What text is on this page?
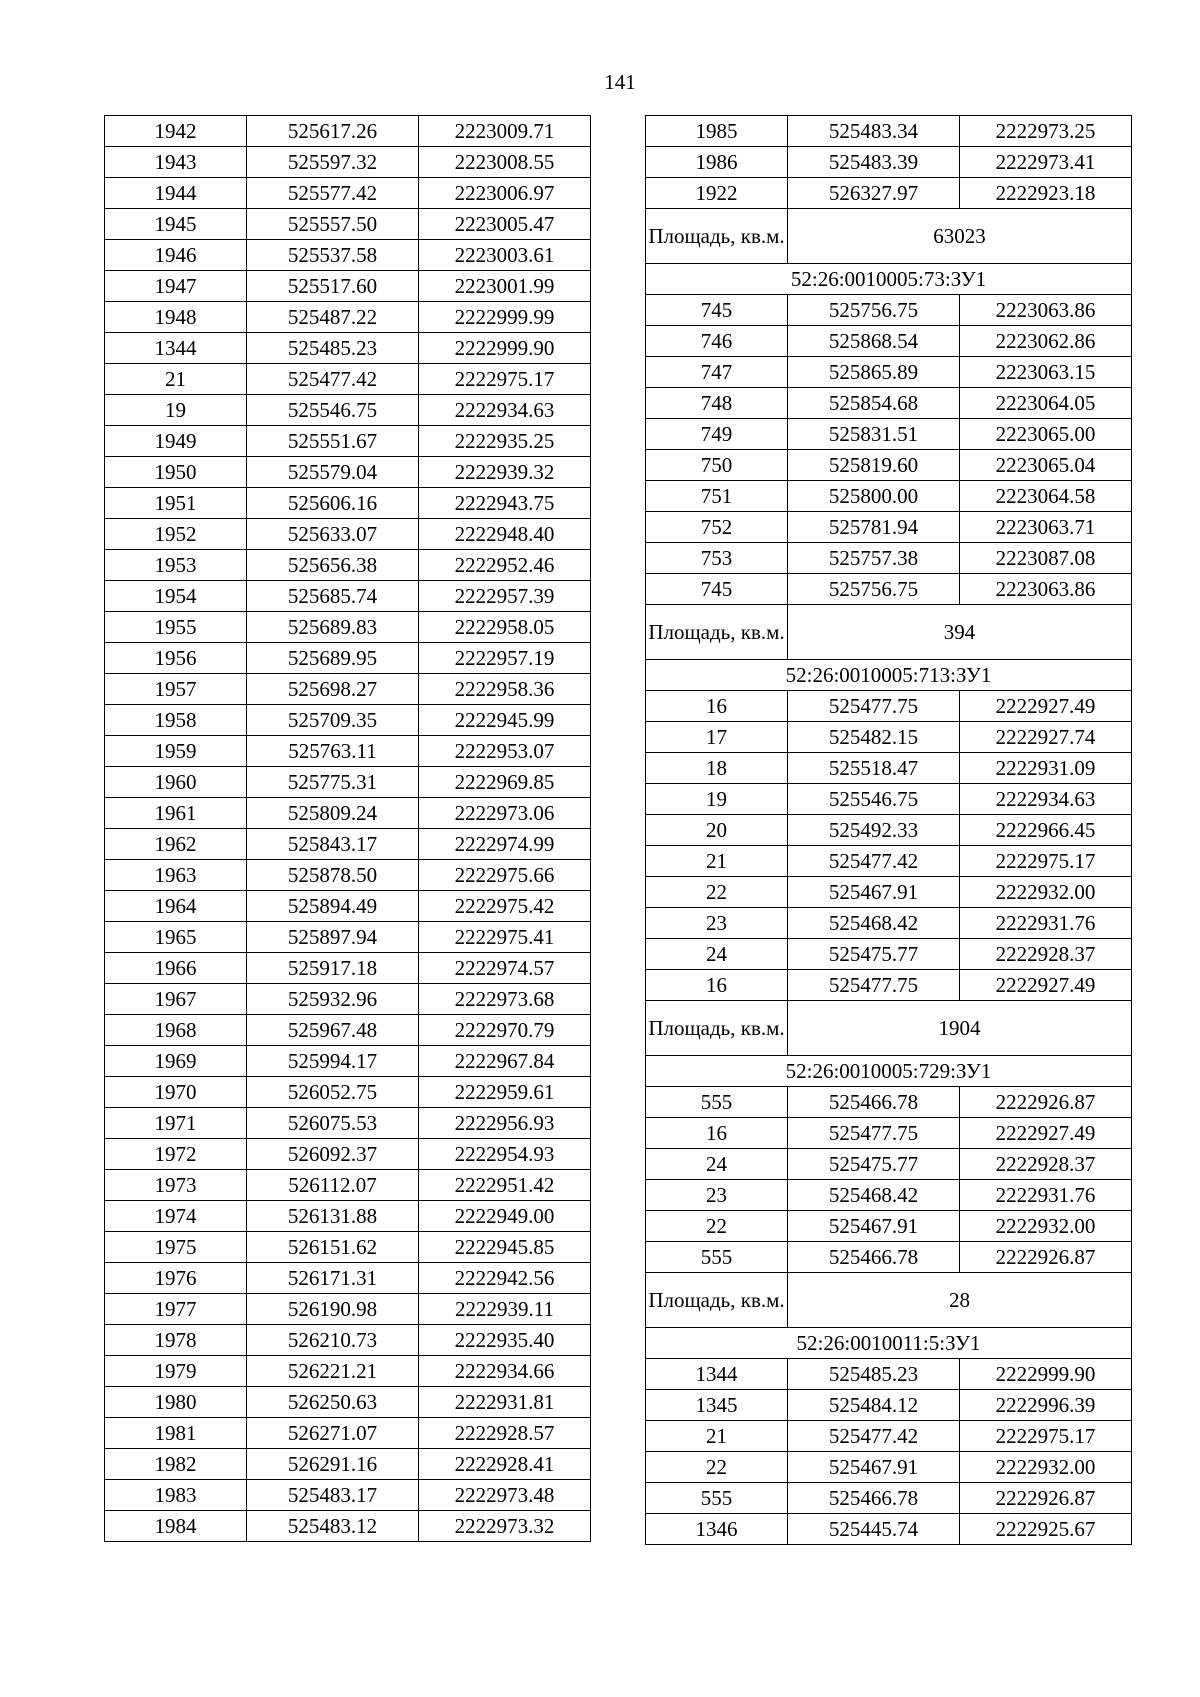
141
1942	525617.26	2223009.71
1943	525597.32	2223008.55
1944	525577.42	2223006.97
1945	525557.50	2223005.47
1946	525537.58	2223003.61
1947	525517.60	2223001.99
1948	525487.22	2222999.99
1344	525485.23	2222999.90
21	525477.42	2222975.17
19	525546.75	2222934.63
1949	525551.67	2222935.25
1950	525579.04	2222939.32
1951	525606.16	2222943.75
1952	525633.07	2222948.40
1953	525656.38	2222952.46
1954	525685.74	2222957.39
1955	525689.83	2222958.05
1956	525689.95	2222957.19
1957	525698.27	2222958.36
1958	525709.35	2222945.99
1959	525763.11	2222953.07
1960	525775.31	2222969.85
1961	525809.24	2222973.06
1962	525843.17	2222974.99
1963	525878.50	2222975.66
1964	525894.49	2222975.42
1965	525897.94	2222975.41
1966	525917.18	2222974.57
1967	525932.96	2222973.68
1968	525967.48	2222970.79
1969	525994.17	2222967.84
1970	526052.75	2222959.61
1971	526075.53	2222956.93
1972	526092.37	2222954.93
1973	526112.07	2222951.42
1974	526131.88	2222949.00
1975	526151.62	2222945.85
1976	526171.31	2222942.56
1977	526190.98	2222939.11
1978	526210.73	2222935.40
1979	526221.21	2222934.66
1980	526250.63	2222931.81
1981	526271.07	2222928.57
1982	526291.16	2222928.41
1983	525483.17	2222973.48
1984	525483.12	2222973.32
1985	525483.34	2222973.25
1986	525483.39	2222973.41
1922	526327.97	2222923.18
Площадь, кв.м.	63023	
52:26:0010005:73:ЗУ1		
745	525756.75	2223063.86
746	525868.54	2223062.86
747	525865.89	2223063.15
748	525854.68	2223064.05
749	525831.51	2223065.00
750	525819.60	2223065.04
751	525800.00	2223064.58
752	525781.94	2223063.71
753	525757.38	2223087.08
745	525756.75	2223063.86
Площадь, кв.м.	394	
52:26:0010005:713:ЗУ1		
16	525477.75	2222927.49
17	525482.15	2222927.74
18	525518.47	2222931.09
19	525546.75	2222934.63
20	525492.33	2222966.45
21	525477.42	2222975.17
22	525467.91	2222932.00
23	525468.42	2222931.76
24	525475.77	2222928.37
16	525477.75	2222927.49
Площадь, кв.м.	1904	
52:26:0010005:729:ЗУ1		
555	525466.78	2222926.87
16	525477.75	2222927.49
24	525475.77	2222928.37
23	525468.42	2222931.76
22	525467.91	2222932.00
555	525466.78	2222926.87
Площадь, кв.м.	28	
52:26:0010011:5:ЗУ1		
1344	525485.23	2222999.90
1345	525484.12	2222996.39
21	525477.42	2222975.17
22	525467.91	2222932.00
555	525466.78	2222926.87
1346	525445.74	2222925.67
